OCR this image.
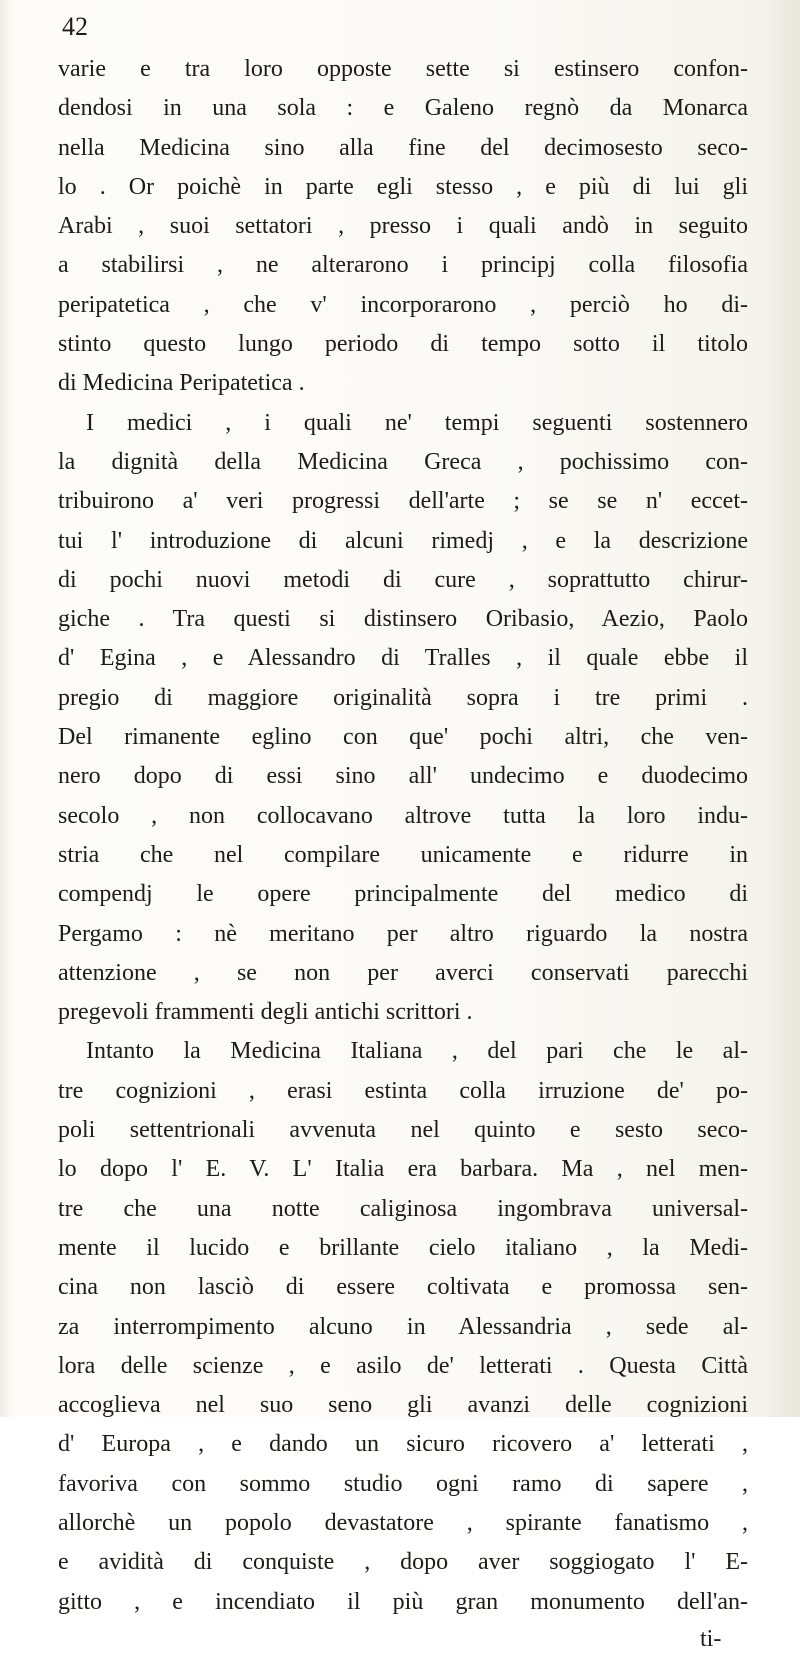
42
varie e tra loro opposte sette si estinsero confon-
dendosi in una sola : e Galeno regnò da Monarca
nella Medicina sino alla fine del decimosesto seco-
lo . Or poichè in parte egli stesso , e più di lui gli
Arabi , suoi settatori , presso i quali andò in seguito
a stabilirsi , ne alterarono i principj colla filosofia
peripatetica , che v' incorporarono , perciò ho di-
stinto questo lungo periodo di tempo sotto il titolo
di Medicina Peripatetica .
I medici , i quali ne' tempi seguenti sostennero
la dignità della Medicina Greca , pochissimo con-
tribuirono a' veri progressi dell'arte ; se se n' eccet-
tui l' introduzione di alcuni rimedj , e la descrizione
di pochi nuovi metodi di cure , soprattutto chirur-
giche . Tra questi si distinsero Oribasio, Aezio, Paolo
d' Egina , e Alessandro di Tralles , il quale ebbe il
pregio di maggiore originalità sopra i tre primi .
Del rimanente eglino con que' pochi altri, che ven-
nero dopo di essi sino all' undecimo e duodecimo
secolo , non collocavano altrove tutta la loro indu-
stria che nel compilare unicamente e ridurre in
compendj le opere principalmente del medico di
Pergamo : nè meritano per altro riguardo la nostra
attenzione , se non per averci conservati parecchi
pregevoli frammenti degli antichi scrittori .
Intanto la Medicina Italiana , del pari che le al-
tre cognizioni , erasi estinta colla irruzione de' po-
poli settentrionali avvenuta nel quinto e sesto seco-
lo dopo l' E. V. L' Italia era barbara. Ma , nel men-
tre che una notte caliginosa ingombrava universal-
mente il lucido e brillante cielo italiano , la Medi-
cina non lasciò di essere coltivata e promossa sen-
za interrompimento alcuno in Alessandria , sede al-
lora delle scienze , e asilo de' letterati . Questa Città
accoglieva nel suo seno gli avanzi delle cognizioni
d' Europa , e dando un sicuro ricovero a' letterati ,
favoriva con sommo studio ogni ramo di sapere ,
allorchè un popolo devastatore , spirante fanatismo ,
e avidità di conquiste , dopo aver soggiogato l' E-
gitto , e incendiato il più gran monumento dell'an-
ti-
